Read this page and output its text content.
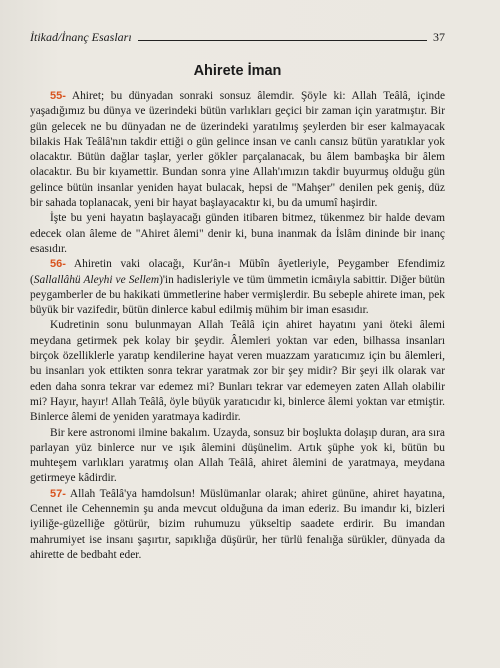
İtikad/İnanç Esasları	37
Ahirete İman

55- Ahiret; bu dünyadan sonraki sonsuz âlemdir. Şöyle ki: Allah Teâlâ, içinde yaşadığımız bu dünya ve üzerindeki bütün varlıkları geçici bir zaman için yaratmıştır. Bir gün gelecek ne bu dünyadan ne de üzerindeki yaratılmış şeylerden bir eser kalmayacak bilakis Hak Teâlâ'nın takdir ettiği o gün gelince insan ve canlı cansız bütün yaratıklar yok olacaktır. Bütün dağlar taşlar, yerler gökler parçalanacak, bu âlem bambaşka bir âlem olacaktır. Bu bir kıyamettir. Bundan sonra yine Allah'ımızın takdir buyurmuş olduğu gün gelince bütün insanlar yeniden hayat bulacak, hepsi de "Mahşer" denilen pek geniş, düz bir sahada toplanacak, yeni bir hayat başlayacaktır ki, bu da umumî haşirdir.

İşte bu yeni hayatın başlayacağı günden itibaren bitmez, tükenmez bir halde devam edecek olan âleme de "Ahiret âlemi" denir ki, buna inanmak da İslâm dininde bir inanç esasıdır.

56- Ahiretin vaki olacağı, Kur'ân-ı Mübîn âyetleriyle, Peygamber Efendimiz (Sallallâhü Aleyhi ve Sellem)'in hadisleriyle ve tüm ümmetin icmâıyla sabittir. Diğer bütün peygamberler de bu hakikati ümmetlerine haber vermişlerdir. Bu sebeple ahirete iman, pek büyük bir vazifedir, bütün dinlerce kabul edilmiş mühim bir iman esasıdır.

Kudretinin sonu bulunmayan Allah Teâlâ için ahiret hayatını yani öteki âlemi meydana getirmek pek kolay bir şeydir. Âlemleri yoktan var eden, bilhassa insanları birçok özelliklerle yaratıp kendilerine hayat veren muazzam yaratıcımız için bu âlemleri, bu insanları yok ettikten sonra tekrar yaratmak zor bir şey midir? Bir şeyi ilk olarak var eden daha sonra tekrar var edemez mi? Bunları tekrar var edemeyen zaten Allah olabilir mi? Hayır, hayır! Allah Teâlâ, öyle büyük yaratıcıdır ki, binlerce âlemi yoktan var etmiştir. Binlerce âlemi de yeniden yaratmaya kadirdir.

Bir kere astronomi ilmine bakalım. Uzayda, sonsuz bir boşlukta dolaşıp duran, ara sıra parlayan yüz binlerce nur ve ışık âlemini düşünelim. Artık şüphe yok ki, bütün bu muhteşem varlıkları yaratmış olan Allah Teâlâ, ahiret âlemini de yaratmaya, meydana getirmeye kâdirdir.

57- Allah Teâlâ'ya hamdolsun! Müslümanlar olarak; ahiret gününe, ahiret hayatına, Cennet ile Cehennemin şu anda mevcut olduğuna da iman ederiz. Bu imandır ki, bizleri iyiliğe-güzelliğe götürür, bizim ruhumuzu yükseltip saadete erdirir. Bu imandan mahrumiyet ise insanı şaşırtır, sapıklığa düşürür, her türlü fenalığa sürükler, dünyada da ahirette de bedbaht eder.
